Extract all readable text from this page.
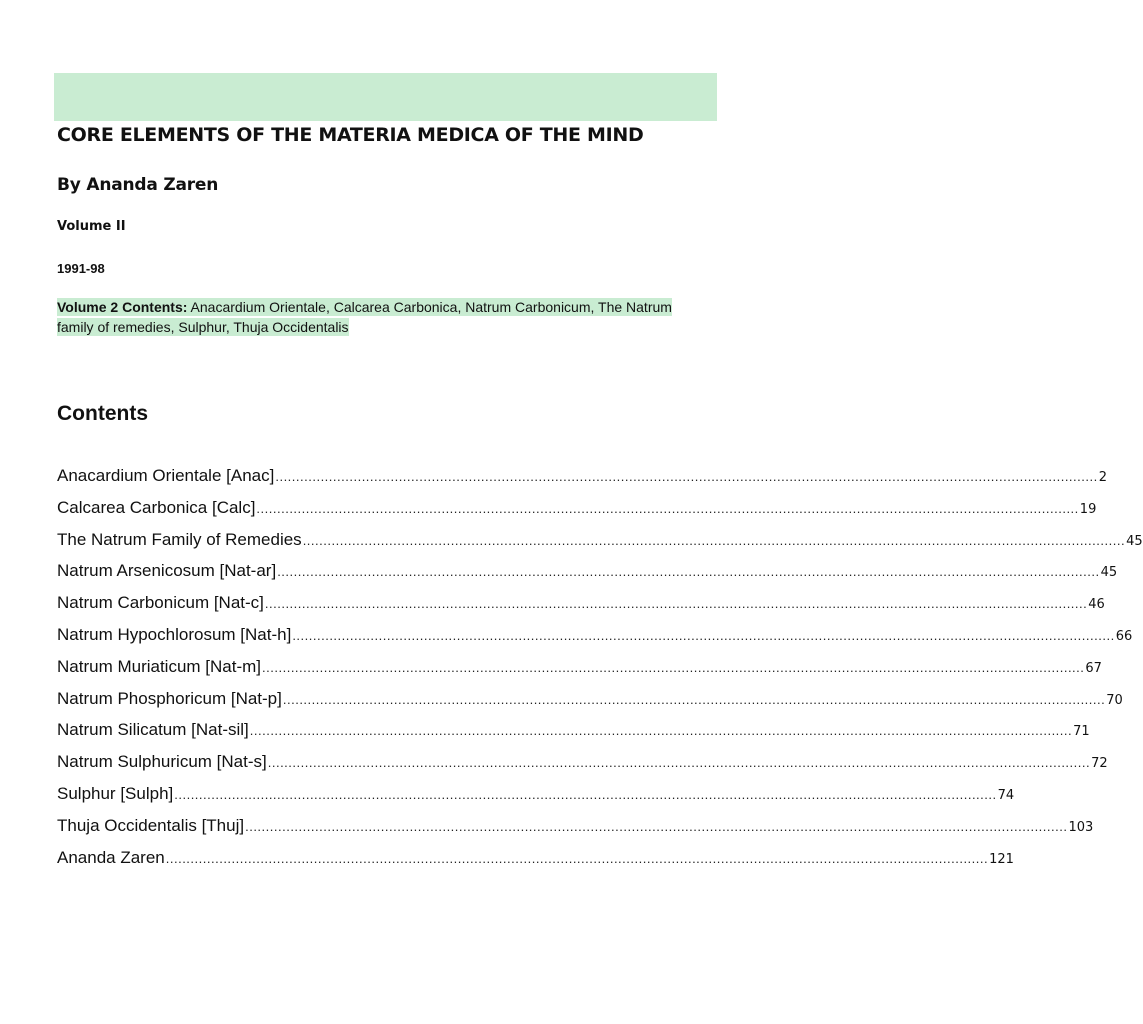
CORE ELEMENTS OF THE MATERIA MEDICA OF THE MIND
By Ananda Zaren
Volume II
1991-98
Volume 2 Contents: Anacardium Orientale, Calcarea Carbonica, Natrum Carbonicum, The Natrum family of remedies, Sulphur, Thuja Occidentalis
Contents
Anacardium Orientale [Anac] ........................................................................................................................................................................................................ 2
Calcarea Carbonica [Calc] ........................................................................................................................................................................................................ 19
The Natrum Family of Remedies ........................................................................................................................................................................................................ 45
Natrum Arsenicosum [Nat-ar] ........................................................................................................................................................................................................ 45
Natrum Carbonicum [Nat-c] ........................................................................................................................................................................................................ 46
Natrum Hypochlorosum [Nat-h] ........................................................................................................................................................................................................ 66
Natrum Muriaticum [Nat-m] ........................................................................................................................................................................................................ 67
Natrum Phosphoricum [Nat-p] ........................................................................................................................................................................................................ 70
Natrum Silicatum [Nat-sil] ........................................................................................................................................................................................................ 71
Natrum Sulphuricum [Nat-s] ........................................................................................................................................................................................................ 72
Sulphur [Sulph] ........................................................................................................................................................................................................ 74
Thuja Occidentalis [Thuj] ........................................................................................................................................................................................................ 103
Ananda Zaren ........................................................................................................................................................................................................ 121
